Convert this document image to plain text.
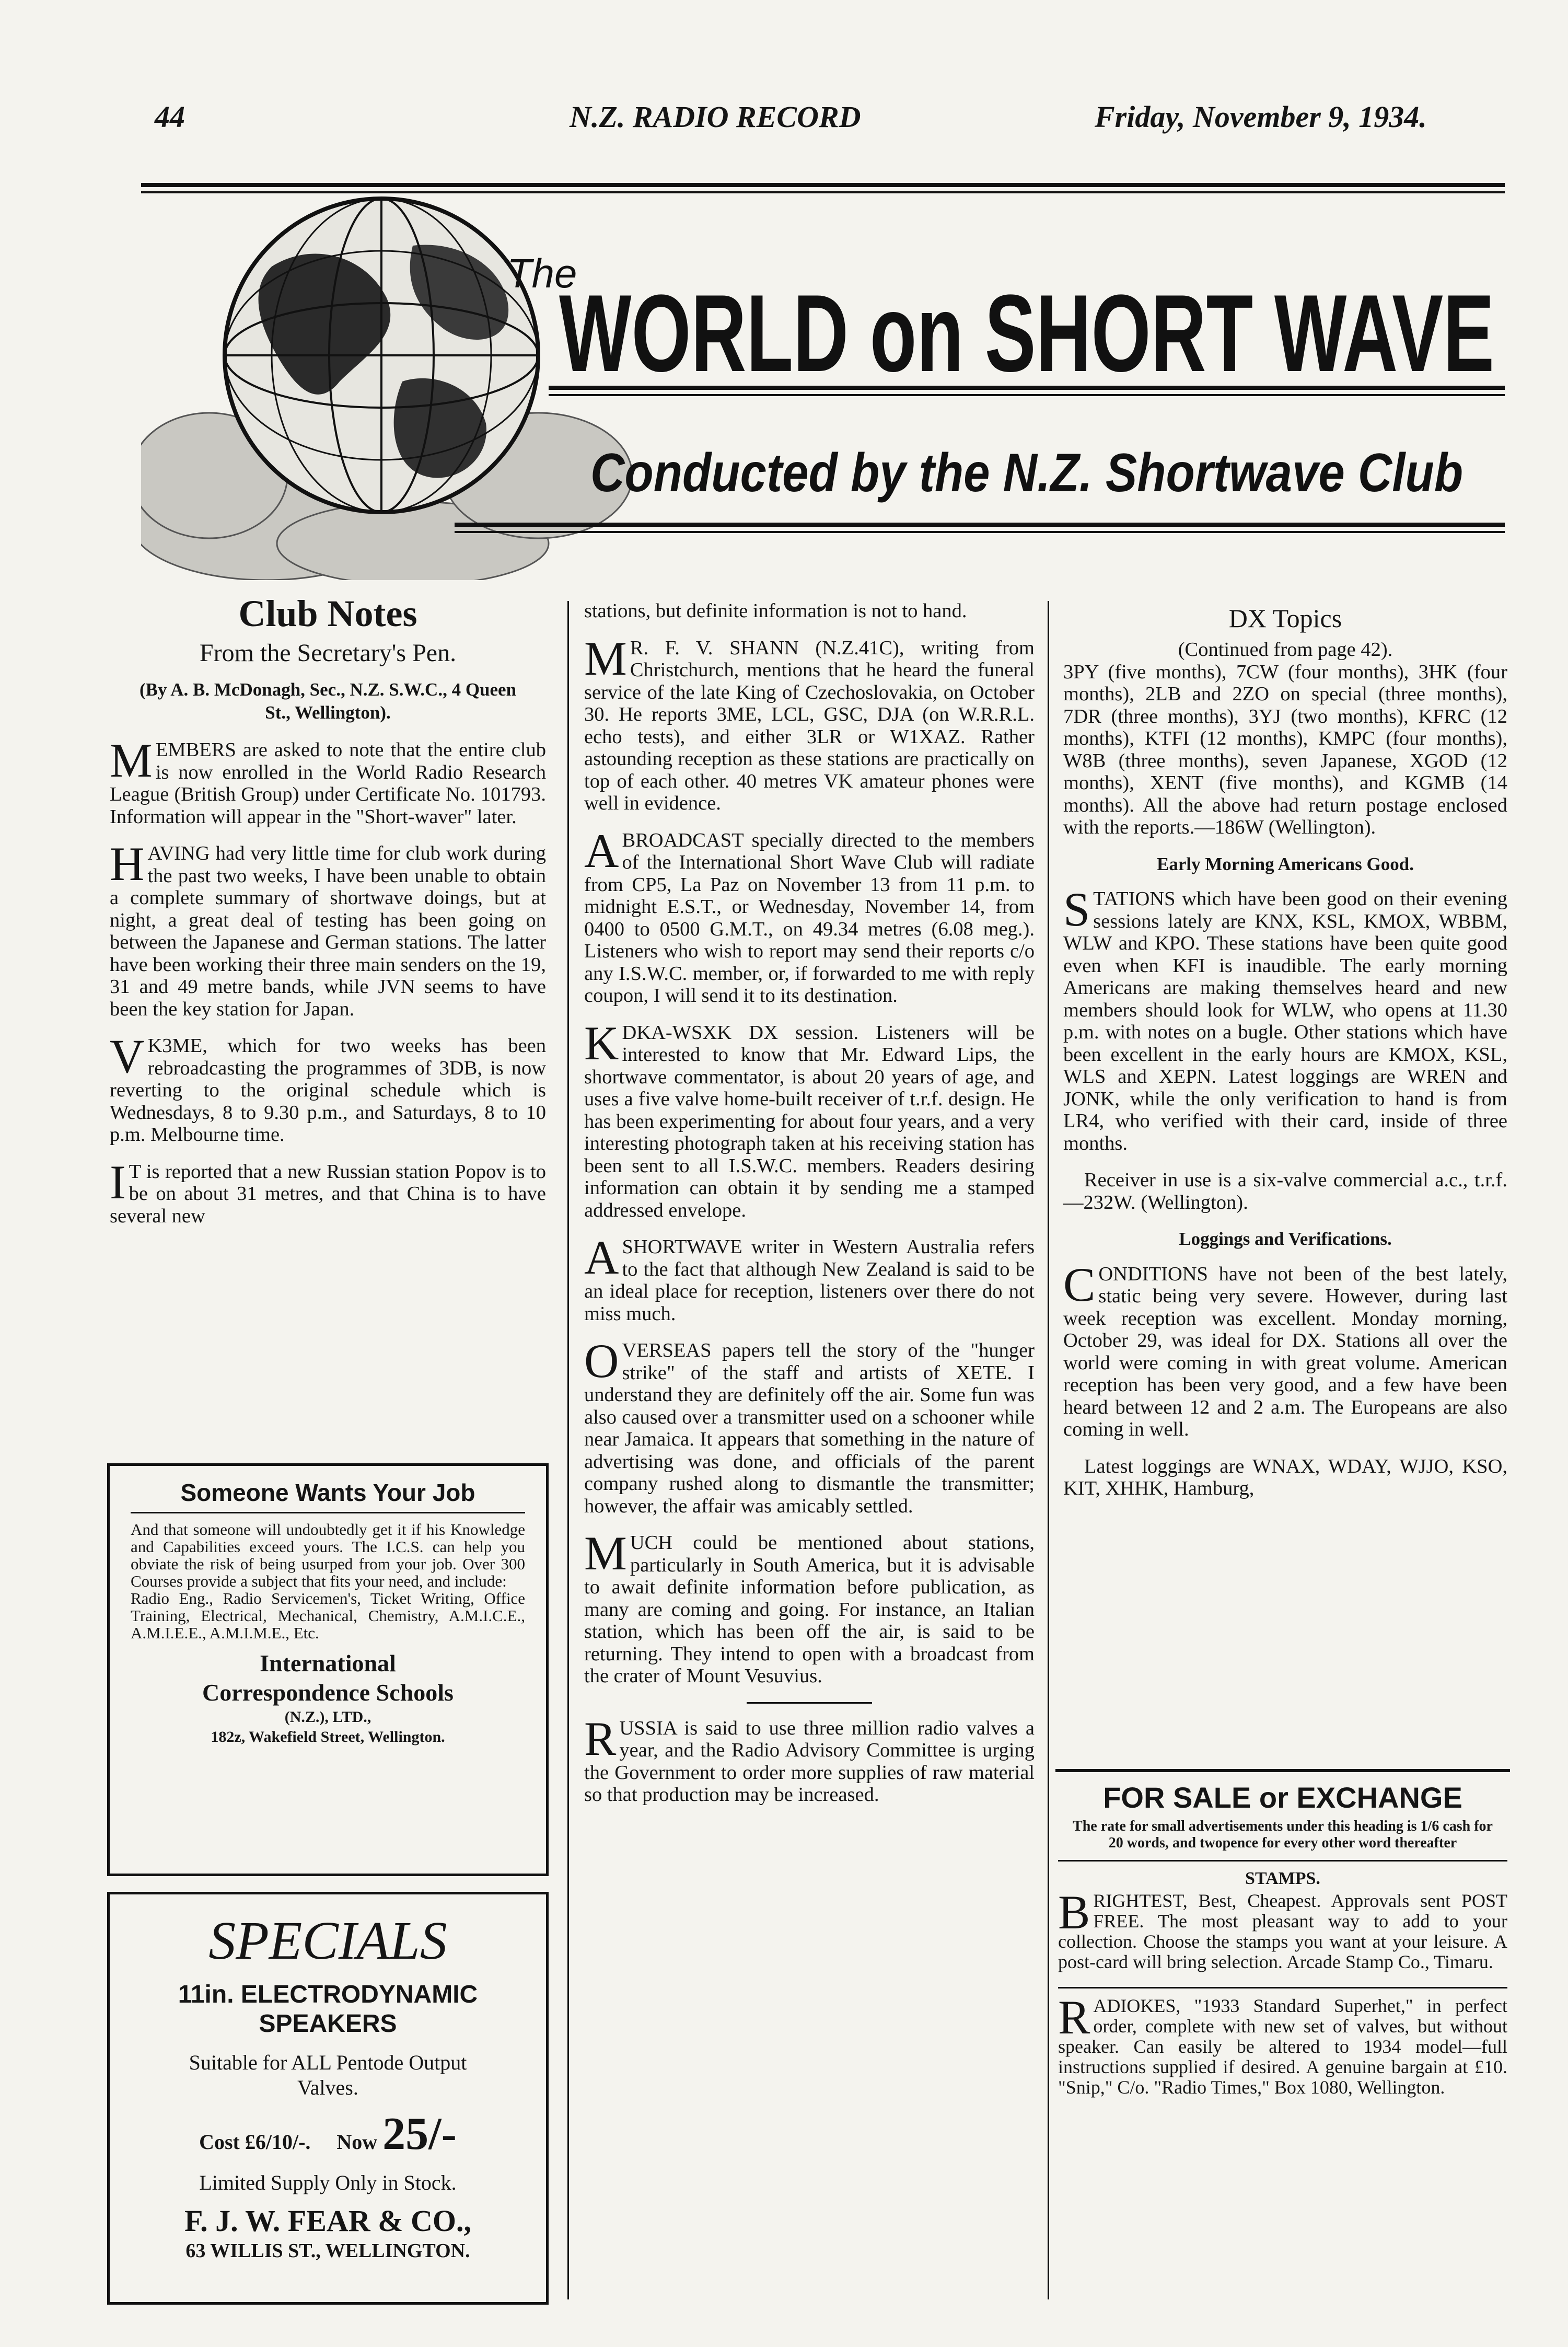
44	N.Z. RADIO RECORD	Friday, November 9, 1934.
The
WORLD on SHORT WAVE
Conducted by the N.Z. Shortwave Club
Club Notes
From the Secretary's Pen.
(By A. B. McDonagh, Sec., N.Z. S.W.C., 4 Queen St., Wellington).

MEMBERS are asked to note that the entire club is now enrolled in the World Radio Research League (British Group) under Certificate No. 101793. Information will appear in the "Short-waver" later.

HAVING had very little time for club work during the past two weeks, I have been unable to obtain a complete summary of shortwave doings, but at night, a great deal of testing has been going on between the Japanese and German stations. The latter have been working their three main senders on the 19, 31 and 49 metre bands, while JVN seems to have been the key station for Japan.

VK3ME, which for two weeks has been rebroadcasting the programmes of 3DB, is now reverting to the original schedule which is Wednesdays, 8 to 9.30 p.m., and Saturdays, 8 to 10 p.m. Melbourne time.

IT is reported that a new Russian station Popov is to be on about 31 metres, and that China is to have several new

Someone Wants Your Job
And that someone will undoubtedly get it if his Knowledge and Capabilities exceed yours. The I.C.S. can help you obviate the risk of being usurped from your job. Over 300 Courses provide a subject that fits your need, and include:
Radio Eng., Radio Servicemen's, Ticket Writing, Office Training, Electrical, Mechanical, Chemistry, A.M.I.C.E., A.M.I.E.E., A.M.I.M.E., Etc.
International
Correspondence Schools
(N.Z.), LTD.,
182z, Wakefield Street, Wellington.
SPECIALS
11in. ELECTRODYNAMIC SPEAKERS
Suitable for ALL Pentode Output Valves.
Cost £6/10/-. Now 25/-
Limited Supply Only in Stock.
F. J. W. FEAR & CO.,
63 WILLIS ST., WELLINGTON.

stations, but definite information is not to hand.

MR. F. V. SHANN (N.Z.41C), writing from Christchurch, mentions that he heard the funeral service of the late King of Czechoslovakia, on October 30. He reports 3ME, LCL, GSC, DJA (on W.R.R.L. echo tests), and either 3LR or W1XAZ. Rather astounding reception as these stations are practically on top of each other. 40 metres VK amateur phones were well in evidence.

ABROADCAST specially directed to the members of the International Short Wave Club will radiate from CP5, La Paz on November 13 from 11 p.m. to midnight E.S.T., or Wednesday, November 14, from 0400 to 0500 G.M.T., on 49.34 metres (6.08 meg.). Listeners who wish to report may send their reports c/o any I.S.W.C. member, or, if forwarded to me with reply coupon, I will send it to its destination.

KDKA-WSXK DX session. Listeners will be interested to know that Mr. Edward Lips, the shortwave commentator, is about 20 years of age, and uses a five valve home-built receiver of t.r.f. design. He has been experimenting for about four years, and a very interesting photograph taken at his receiving station has been sent to all I.S.W.C. members. Readers desiring information can obtain it by sending me a stamped addressed envelope.

ASHORTWAVE writer in Western Australia refers to the fact that although New Zealand is said to be an ideal place for reception, listeners over there do not miss much.

OVERSEAS papers tell the story of the "hunger strike" of the staff and artists of XETE. I understand they are definitely off the air. Some fun was also caused over a transmitter used on a schooner while near Jamaica. It appears that something in the nature of advertising was done, and officials of the parent company rushed along to dismantle the transmitter; however, the affair was amicably settled.

MUCH could be mentioned about stations, particularly in South America, but it is advisable to await definite information before publication, as many are coming and going. For instance, an Italian station, which has been off the air, is said to be returning. They intend to open with a broadcast from the crater of Mount Vesuvius.

RUSSIA is said to use three million radio valves a year, and the Radio Advisory Committee is urging the Government to order more supplies of raw material so that production may be increased.

DX Topics
(Continued from page 42).

3PY (five months), 7CW (four months), 3HK (four months), 2LB and 2ZO on special (three months), 7DR (three months), 3YJ (two months), KFRC (12 months), KTFI (12 months), KMPC (four months), W8B (three months), seven Japanese, XGOD (12 months), XENT (five months), and KGMB (14 months). All the above had return postage enclosed with the reports.—186W (Wellington).

Early Morning Americans Good.

STATIONS which have been good on their evening sessions lately are KNX, KSL, KMOX, WBBM, WLW and KPO. These stations have been quite good even when KFI is inaudible. The early morning Americans are making themselves heard and new members should look for WLW, who opens at 11.30 p.m. with notes on a bugle. Other stations which have been excellent in the early hours are KMOX, KSL, WLS and XEPN. Latest loggings are WREN and JONK, while the only verification to hand is from LR4, who verified with their card, inside of three months.

Receiver in use is a six-valve commercial a.c., t.r.f.—232W. (Wellington).

Loggings and Verifications.

CONDITIONS have not been of the best lately, static being very severe. However, during last week reception was excellent. Monday morning, October 29, was ideal for DX. Stations all over the world were coming in with great volume. American reception has been very good, and a few have been heard between 12 and 2 a.m. The Europeans are also coming in well.

Latest loggings are WNAX, WDAY, WJJO, KSO, KIT, XHHK, Hamburg,

FOR SALE or EXCHANGE
The rate for small advertisements under this heading is 1/6 cash for 20 words, and twopence for every other word thereafter
STAMPS.

BRIGHTEST, Best, Cheapest. Approvals sent POST FREE. The most pleasant way to add to your collection. Choose the stamps you want at your leisure. A post-card will bring selection. Arcade Stamp Co., Timaru.

RADIOKES, "1933 Standard Superhet," in perfect order, complete with new set of valves, but without speaker. Can easily be altered to 1934 model—full instructions supplied if desired. A genuine bargain at £10. "Snip," C/o. "Radio Times," Box 1080, Wellington.
